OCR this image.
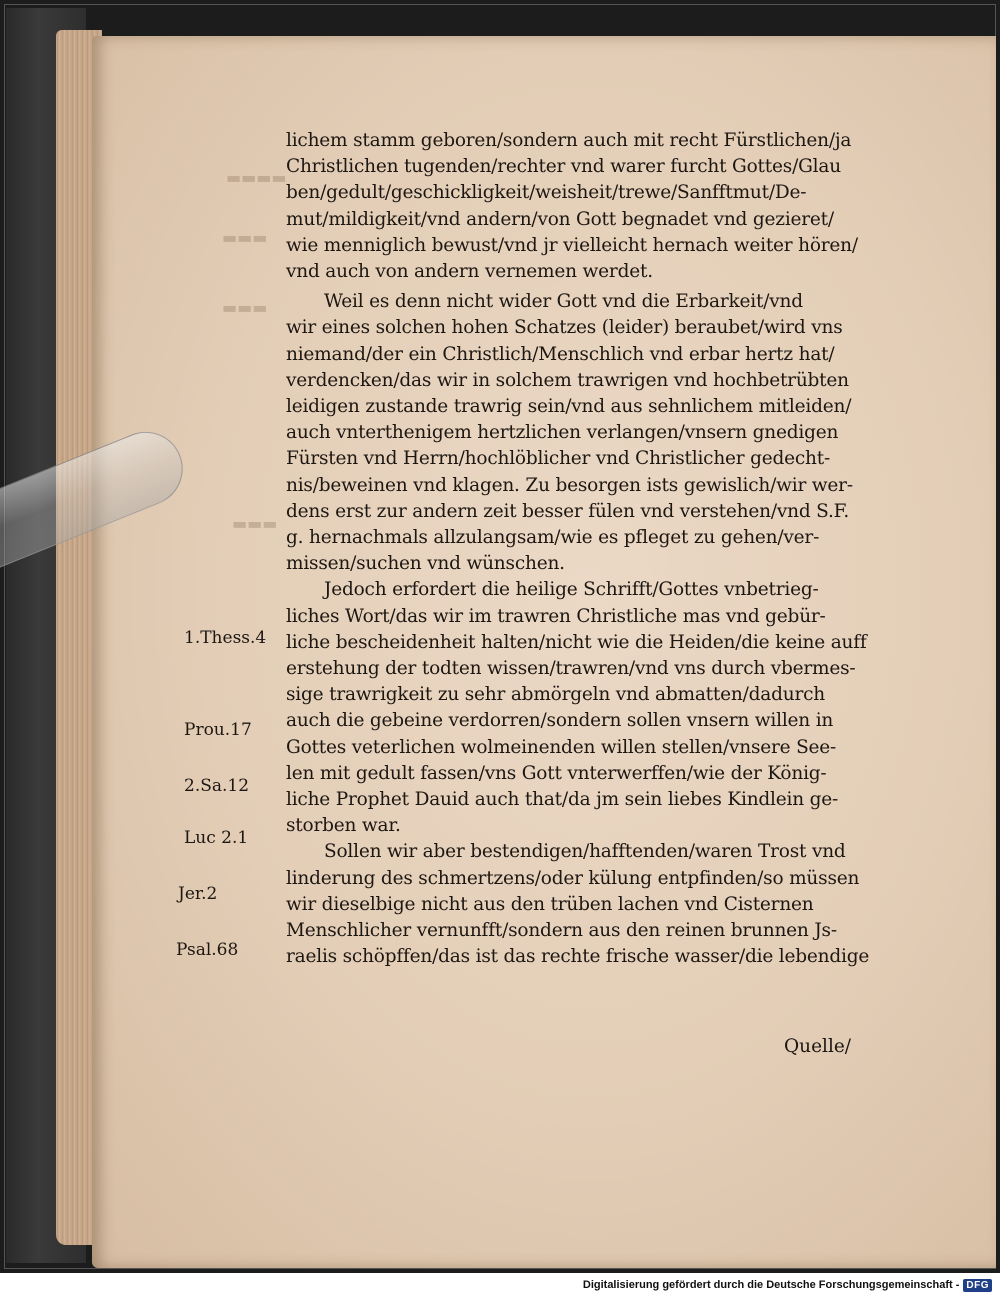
▬▬▬▬
▬▬▬
▬▬▬
▬▬▬
lichem stamm geboren/sondern auch mit recht Fürstlichen/ja
Christlichen tugenden/rechter vnd warer furcht Gottes/Glau
ben/gedult/geschickligkeit/weisheit/trewe/Sanfftmut/De-
mut/mildigkeit/vnd andern/von Gott begnadet vnd gezieret/
wie menniglich bewust/vnd jr vielleicht hernach weiter hören/
vnd auch von andern vernemen werdet.
Weil es denn nicht wider Gott vnd die Erbarkeit/vnd
wir eines solchen hohen Schatzes (leider) beraubet/wird vns
niemand/der ein Christlich/Menschlich vnd erbar hertz hat/
verdencken/das wir in solchem trawrigen vnd hochbetrübten
leidigen zustande trawrig sein/vnd aus sehnlichem mitleiden/
auch vnterthenigem hertzlichen verlangen/vnsern gnedigen
Fürsten vnd Herrn/hochlöblicher vnd Christlicher gedecht-
nis/beweinen vnd klagen. Zu besorgen ists gewislich/wir wer-
dens erst zur andern zeit besser fülen vnd verstehen/vnd S.F.
g. hernachmals allzulangsam/wie es pfleget zu gehen/ver-
missen/suchen vnd wünschen.
Jedoch erfordert die heilige Schrifft/Gottes vnbetrieg-
liches Wort/das wir im trawren Christliche mas vnd gebür-
liche bescheidenheit halten/nicht wie die Heiden/die keine auff
erstehung der todten wissen/trawren/vnd vns durch vbermes-
sige trawrigkeit zu sehr abmörgeln vnd abmatten/dadurch
auch die gebeine verdorren/sondern sollen vnsern willen in
Gottes veterlichen wolmeinenden willen stellen/vnsere See-
len mit gedult fassen/vns Gott vnterwerffen/wie der König-
liche Prophet Dauid auch that/da jm sein liebes Kindlein ge-
storben war.
Sollen wir aber bestendigen/hafftenden/waren Trost vnd
linderung des schmertzens/oder külung entpfinden/so müssen
wir dieselbige nicht aus den trüben lachen vnd Cisternen
Menschlicher vernunfft/sondern aus den reinen brunnen Js-
raelis schöpffen/das ist das rechte frische wasser/die lebendige
1.Thess.4
Prou.17
2.Sa.12
Luc 2.1
Jer.2
Psal.68
Quelle/
Digitalisierung gefördert durch die Deutsche Forschungsgemeinschaft - DFG
